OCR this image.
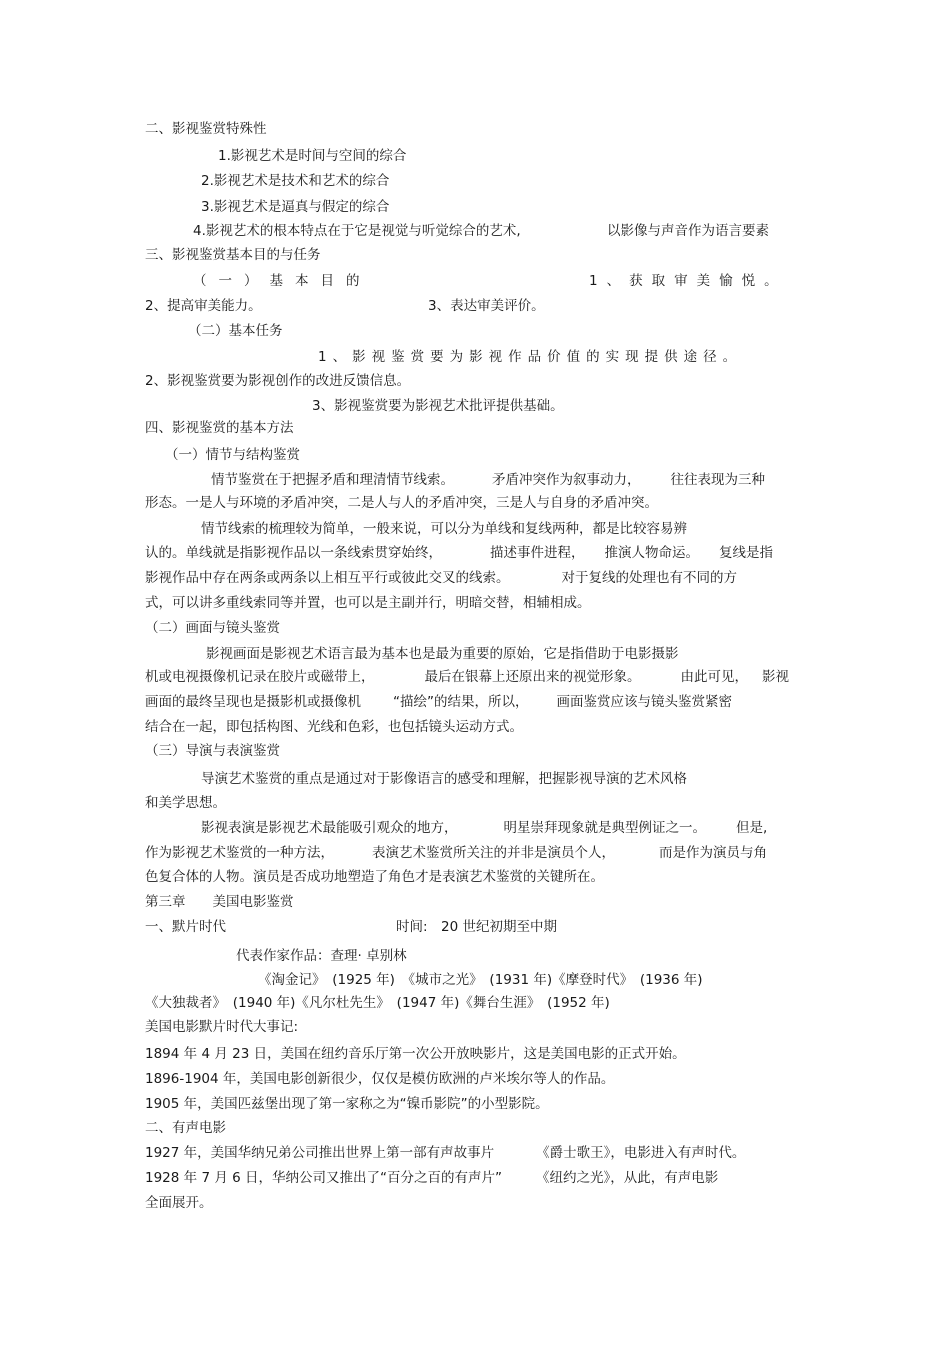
二、影视鉴赏特殊性

1.影视艺术是时间与空间的综合

2.影视艺术是技术和艺术的综合

3.影视艺术是逼真与假定的综合

4.影视艺术的根本特点在于它是视觉与听觉综合的艺术,	以影像与声音作为语言要素

三、影视鉴赏基本目的与任务

（一）基本目的	1、获取审美愉悦。

2、提高审美能力。	3、表达审美评价。

（二）基本任务

1、影视鉴赏要为影视作品价值的实现提供途径。

2、影视鉴赏要为影视创作的改进反馈信息。

3、影视鉴赏要为影视艺术批评提供基础。

四、影视鉴赏的基本方法

（一）情节与结构鉴赏

情节鉴赏在于把握矛盾和理清情节线索。	矛盾冲突作为叙事动力， 往往表现为三种

形态。一是人与环境的矛盾冲突，二是人与人的矛盾冲突，三是人与自身的矛盾冲突。

情节线索的梳理较为简单，一般来说，可以分为单线和复线两种，都是比较容易辨

认的。单线就是指影视作品以一条线索贯穿始终，	描述事件进程， 推演人物命运。 复线是指

影视作品中存在两条或两条以上相互平行或彼此交叉的线索。	对于复线的处理也有不同的方

式，可以讲多重线索同等并置，也可以是主副并行，明暗交替，相辅相成。

（二）画面与镜头鉴赏

影视画面是影视艺术语言最为基本也是最为重要的原始，它是指借助于电影摄影

机或电视摄像机记录在胶片或磁带上，	最后在银幕上还原出来的视觉形象。	由此可见， 影视

画面的最终呈现也是摄影机或摄像机 “描绘”的结果，所以， 画面鉴赏应该与镜头鉴赏紧密

结合在一起，即包括构图、光线和色彩，也包括镜头运动方式。

（三）导演与表演鉴赏

导演艺术鉴赏的重点是通过对于影像语言的感受和理解，把握影视导演的艺术风格

和美学思想。

影视表演是影视艺术最能吸引观众的地方，	明星崇拜现象就是典型例证之一。 但是,

作为影视艺术鉴赏的一种方法，	表演艺术鉴赏所关注的并非是演员个人，	而是作为演员与角

色复合体的人物。演员是否成功地塑造了角色才是表演艺术鉴赏的关键所在。

第三章　　美国电影鉴赏

一、默片时代	时间:　20 世纪初期至中期

代表作家作品：查理· 卓别林

《淘金记》　(1925 年)　《城市之光》　(1931 年)《摩登时代》　(1936 年)

《大独裁者》　(1940 年)《凡尔杜先生》　(1947 年)《舞台生涯》　(1952 年)

美国电影默片时代大事记:

1894 年 4 月 23 日，美国在纽约音乐厅第一次公开放映影片，这是美国电影的正式开始。

1896-1904 年，美国电影创新很少，仅仅是模仿欧洲的卢米埃尔等人的作品。

1905 年，美国匹兹堡出现了第一家称之为“镍币影院”的小型影院。

二、有声电影

1927 年，美国华纳兄弟公司推出世界上第一部有声故事片	《爵士歌王》，电影进入有声时代。

1928 年 7 月 6 日，华纳公司又推出了“百分之百的有声片”	《纽约之光》，从此，有声电影

全面展开。
